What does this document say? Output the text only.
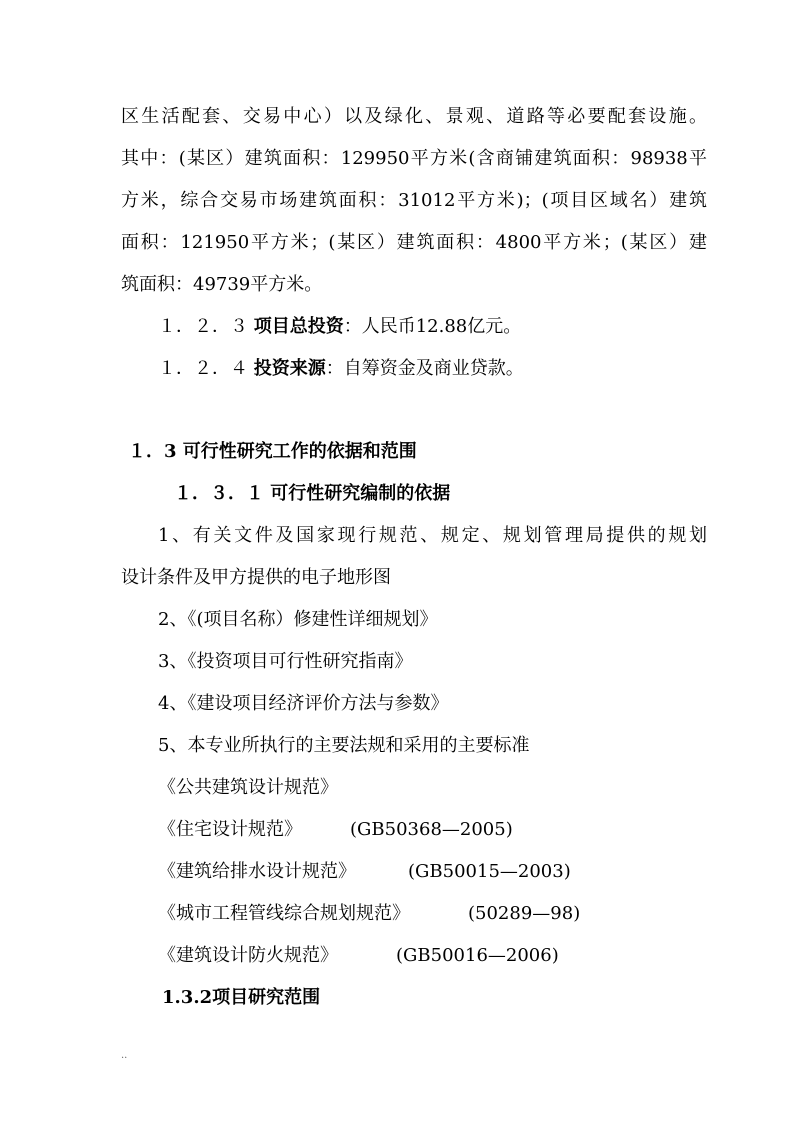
区生活配套、交易中心）以及绿化、景观、道路等必要配套设施。
其中：(某区）建筑面积：129950平方米(含商铺建筑面积：98938平
方米，综合交易市场建筑面积：31012平方米)；(项目区域名）建筑
面积：121950平方米；(某区）建筑面积：4800平方米；(某区）建
筑面积：49739平方米。
１．２．３ 项目总投资：人民币12.88亿元。
１．２．４ 投资来源：自筹资金及商业贷款。
１．3 可行性研究工作的依据和范围
１．３．１ 可行性研究编制的依据
1、有关文件及国家现行规范、规定、规划管理局提供的规划
设计条件及甲方提供的电子地形图
2、《(项目名称）修建性详细规划》
3、《投资项目可行性研究指南》
4、《建设项目经济评价方法与参数》
5、本专业所执行的主要法规和采用的主要标准
《公共建筑设计规范》
《住宅设计规范》	(GB50368—2005)
《建筑给排水设计规范》	(GB50015—2003)
《城市工程管线综合规划规范》	(50289—98)
《建筑设计防火规范》	(GB50016—2006)
1.3.2项目研究范围
..
